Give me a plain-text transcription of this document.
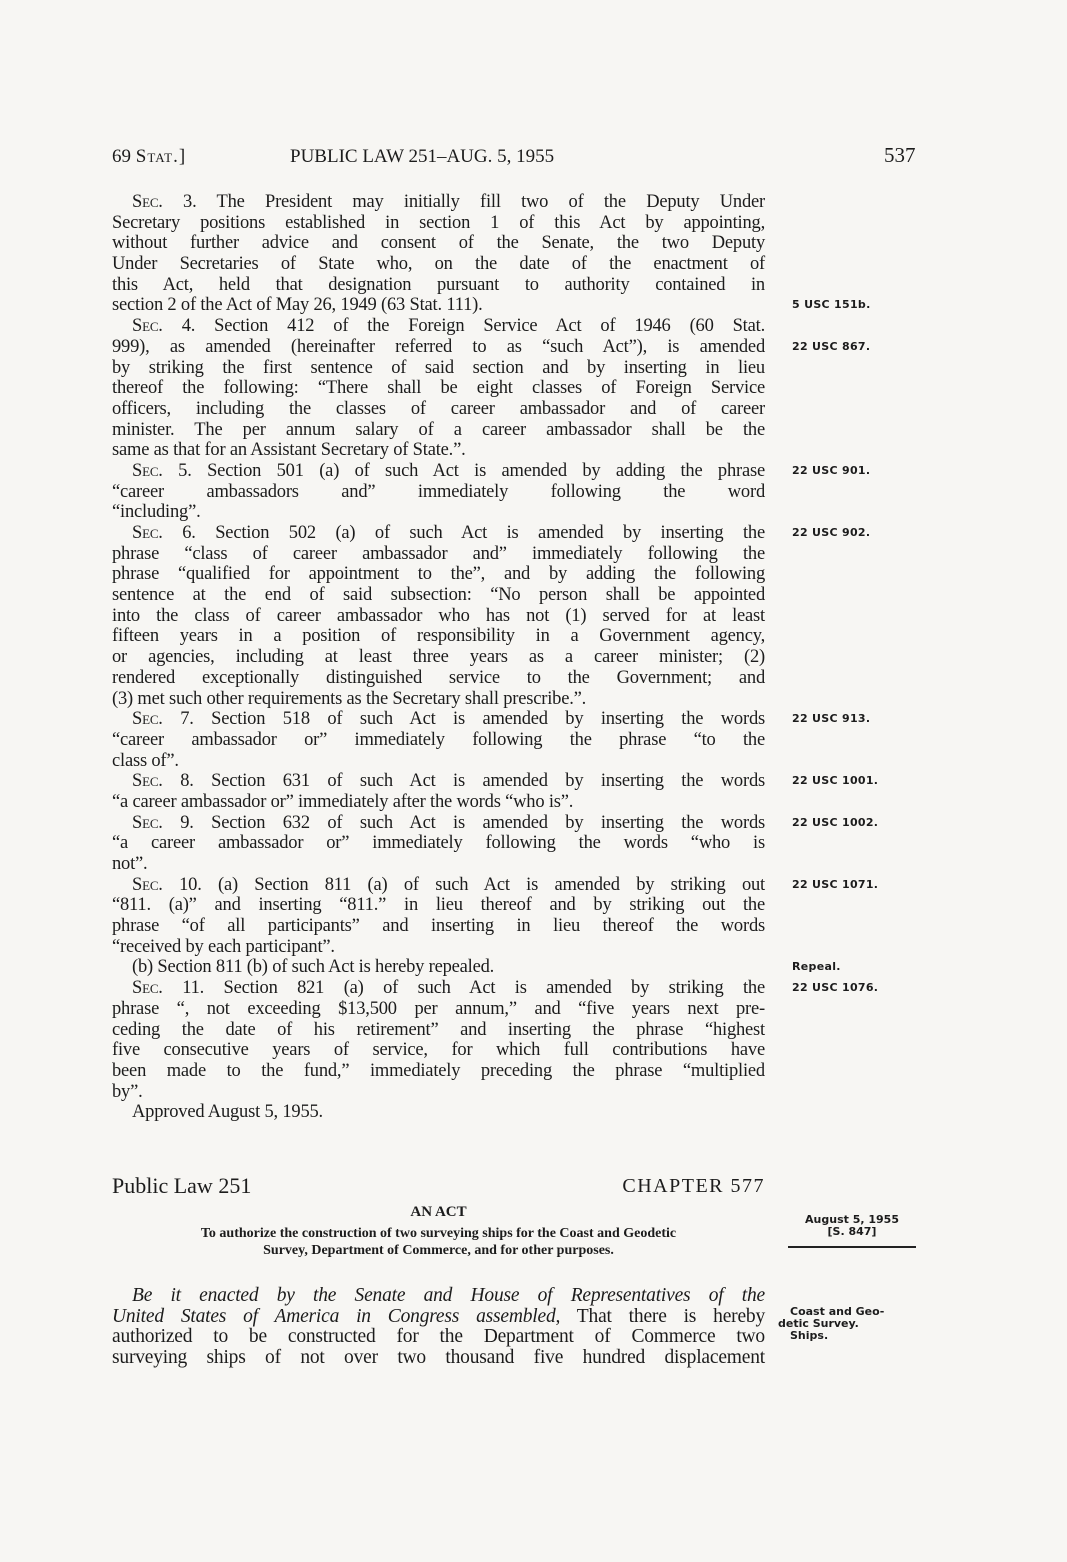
69 Stat.]	PUBLIC LAW 251–AUG. 5, 1955	537
Sec. 3. The President may initially fill two of the Deputy Under
Secretary positions established in section 1 of this Act by appointing,
without further advice and consent of the Senate, the two Deputy
Under Secretaries of State who, on the date of the enactment of
this Act, held that designation pursuant to authority contained in
section 2 of the Act of May 26, 1949 (63 Stat. 111).	5 USC 151b.
Sec. 4. Section 412 of the Foreign Service Act of 1946 (60 Stat.
999), as amended (hereinafter referred to as “such Act”), is amended 22 USC 867.
by striking the first sentence of said section and by inserting in lieu
thereof the following: “There shall be eight classes of Foreign Service
officers, including the classes of career ambassador and of career
minister. The per annum salary of a career ambassador shall be the
same as that for an Assistant Secretary of State.”.
Sec. 5. Section 501 (a) of such Act is amended by adding the phrase 22 USC 901.
“career ambassadors and” immediately following the word
“including”.
Sec. 6. Section 502 (a) of such Act is amended by inserting the 22 USC 902.
phrase “class of career ambassador and” immediately following the
phrase “qualified for appointment to the”, and by adding the following
sentence at the end of said subsection: “No person shall be appointed
into the class of career ambassador who has not (1) served for at least
fifteen years in a position of responsibility in a Government agency,
or agencies, including at least three years as a career minister; (2)
rendered exceptionally distinguished service to the Government; and
(3) met such other requirements as the Secretary shall prescribe.”.
Sec. 7. Section 518 of such Act is amended by inserting the words 22 USC 913.
“career ambassador or” immediately following the phrase “to the
class of”.
Sec. 8. Section 631 of such Act is amended by inserting the words 22 USC 1001.
“a career ambassador or” immediately after the words “who is”.
Sec. 9. Section 632 of such Act is amended by inserting the words 22 USC 1002.
“a career ambassador or” immediately following the words “who is
not”.
Sec. 10. (a) Section 811 (a) of such Act is amended by striking out 22 USC 1071.
“811. (a)” and inserting “811.” in lieu thereof and by striking out the
phrase “of all participants” and inserting in lieu thereof the words
“received by each participant”.
(b) Section 811 (b) of such Act is hereby repealed.	Repeal.
Sec. 11. Section 821 (a) of such Act is amended by striking the 22 USC 1076.
phrase “, not exceeding $13,500 per annum,” and “five years next pre-
ceding the date of his retirement” and inserting the phrase “highest
five consecutive years of service, for which full contributions have
been made to the fund,” immediately preceding the phrase “multiplied
by”.
Approved August 5, 1955.
Public Law 251	CHAPTER 577
AN ACT
To authorize the construction of two surveying ships for the Coast and Geodetic
Survey, Department of Commerce, and for other purposes.
August 5, 1955
[S. 847]
Be it enacted by the Senate and House of Representatives of the
United States of America in Congress assembled, That there is hereby
authorized to be constructed for the Department of Commerce two
surveying ships of not over two thousand five hundred displacement
Coast and Geo-
detic Survey.
Ships.
